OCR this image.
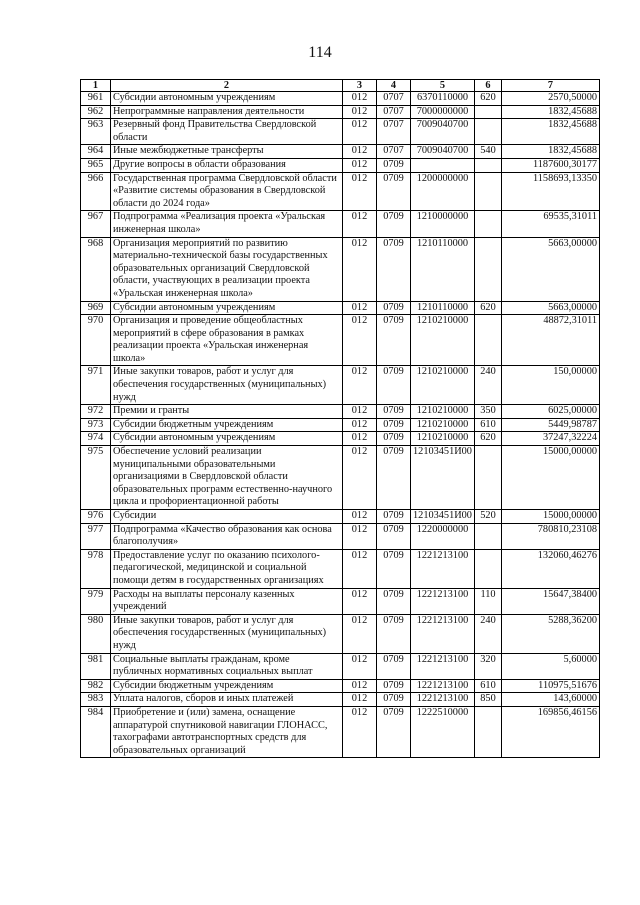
114
1	2	3	4	5	6	7
961	Субсидии автономным учреждениям	012	0707	6370110000	620	2570,50000
962	Непрограммные направления деятельности	012	0707	7000000000		1832,45688
963	Резервный фонд Правительства Свердловской области	012	0707	7009040700		1832,45688
964	Иные межбюджетные трансферты	012	0707	7009040700	540	1832,45688
965	Другие вопросы в области образования	012	0709			1187600,30177
966	Государственная программа Свердловской области «Развитие системы образования в Свердловской области до 2024 года»	012	0709	1200000000		1158693,13350
967	Подпрограмма «Реализация проекта «Уральская инженерная школа»	012	0709	1210000000		69535,31011
968	Организация мероприятий по развитию материально-технической базы государственных образовательных организаций Свердловской области, участвующих в реализации проекта «Уральская инженерная школа»	012	0709	1210110000		5663,00000
969	Субсидии автономным учреждениям	012	0709	1210110000	620	5663,00000
970	Организация и проведение общеобластных мероприятий в сфере образования в рамках реализации проекта «Уральская инженерная школа»	012	0709	1210210000		48872,31011
971	Иные закупки товаров, работ и услуг для обеспечения государственных (муниципальных) нужд	012	0709	1210210000	240	150,00000
972	Премии и гранты	012	0709	1210210000	350	6025,00000
973	Субсидии бюджетным учреждениям	012	0709	1210210000	610	5449,98787
974	Субсидии автономным учреждениям	012	0709	1210210000	620	37247,32224
975	Обеспечение условий реализации муниципальными образовательными организациями в Свердловской области образовательных программ естественно-научного цикла и профориентационной работы	012	0709	12103451И00		15000,00000
976	Субсидии	012	0709	12103451И00	520	15000,00000
977	Подпрограмма «Качество образования как основа благополучия»	012	0709	1220000000		780810,23108
978	Предоставление услуг по оказанию психолого-педагогической, медицинской и социальной помощи детям в государственных организациях	012	0709	1221213100		132060,46276
979	Расходы на выплаты персоналу казенных учреждений	012	0709	1221213100	110	15647,38400
980	Иные закупки товаров, работ и услуг для обеспечения государственных (муниципальных) нужд	012	0709	1221213100	240	5288,36200
981	Социальные выплаты гражданам, кроме публичных нормативных социальных выплат	012	0709	1221213100	320	5,60000
982	Субсидии бюджетным учреждениям	012	0709	1221213100	610	110975,51676
983	Уплата налогов, сборов и иных платежей	012	0709	1221213100	850	143,60000
984	Приобретение и (или) замена, оснащение аппаратурой спутниковой навигации ГЛОНАСС, тахографами автотранспортных средств для образовательных организаций	012	0709	1222510000		169856,46156
